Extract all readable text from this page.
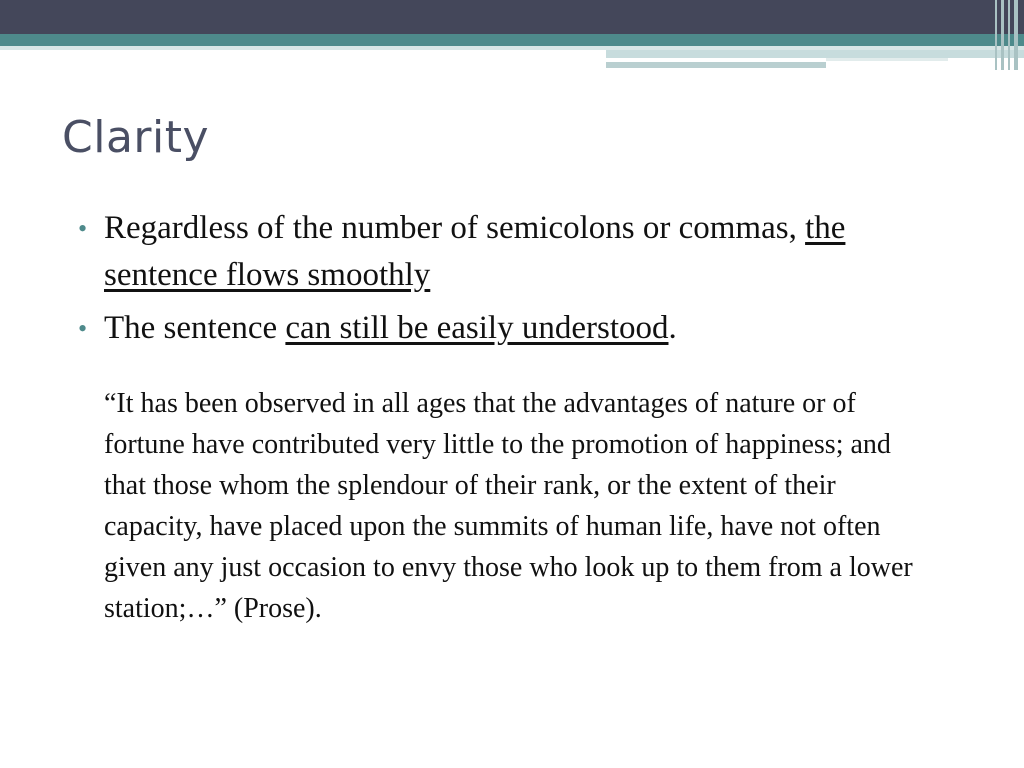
Clarity
• Regardless of the number of semicolons or commas, the sentence flows smoothly
• The sentence can still be easily understood.

“It has been observed in all ages that the advantages of nature or of fortune have contributed very little to the promotion of happiness; and that those whom the splendour of their rank, or the extent of their capacity, have placed upon the summits of human life, have not often given any just occasion to envy those who look up to them from a lower station;…” (Prose).
